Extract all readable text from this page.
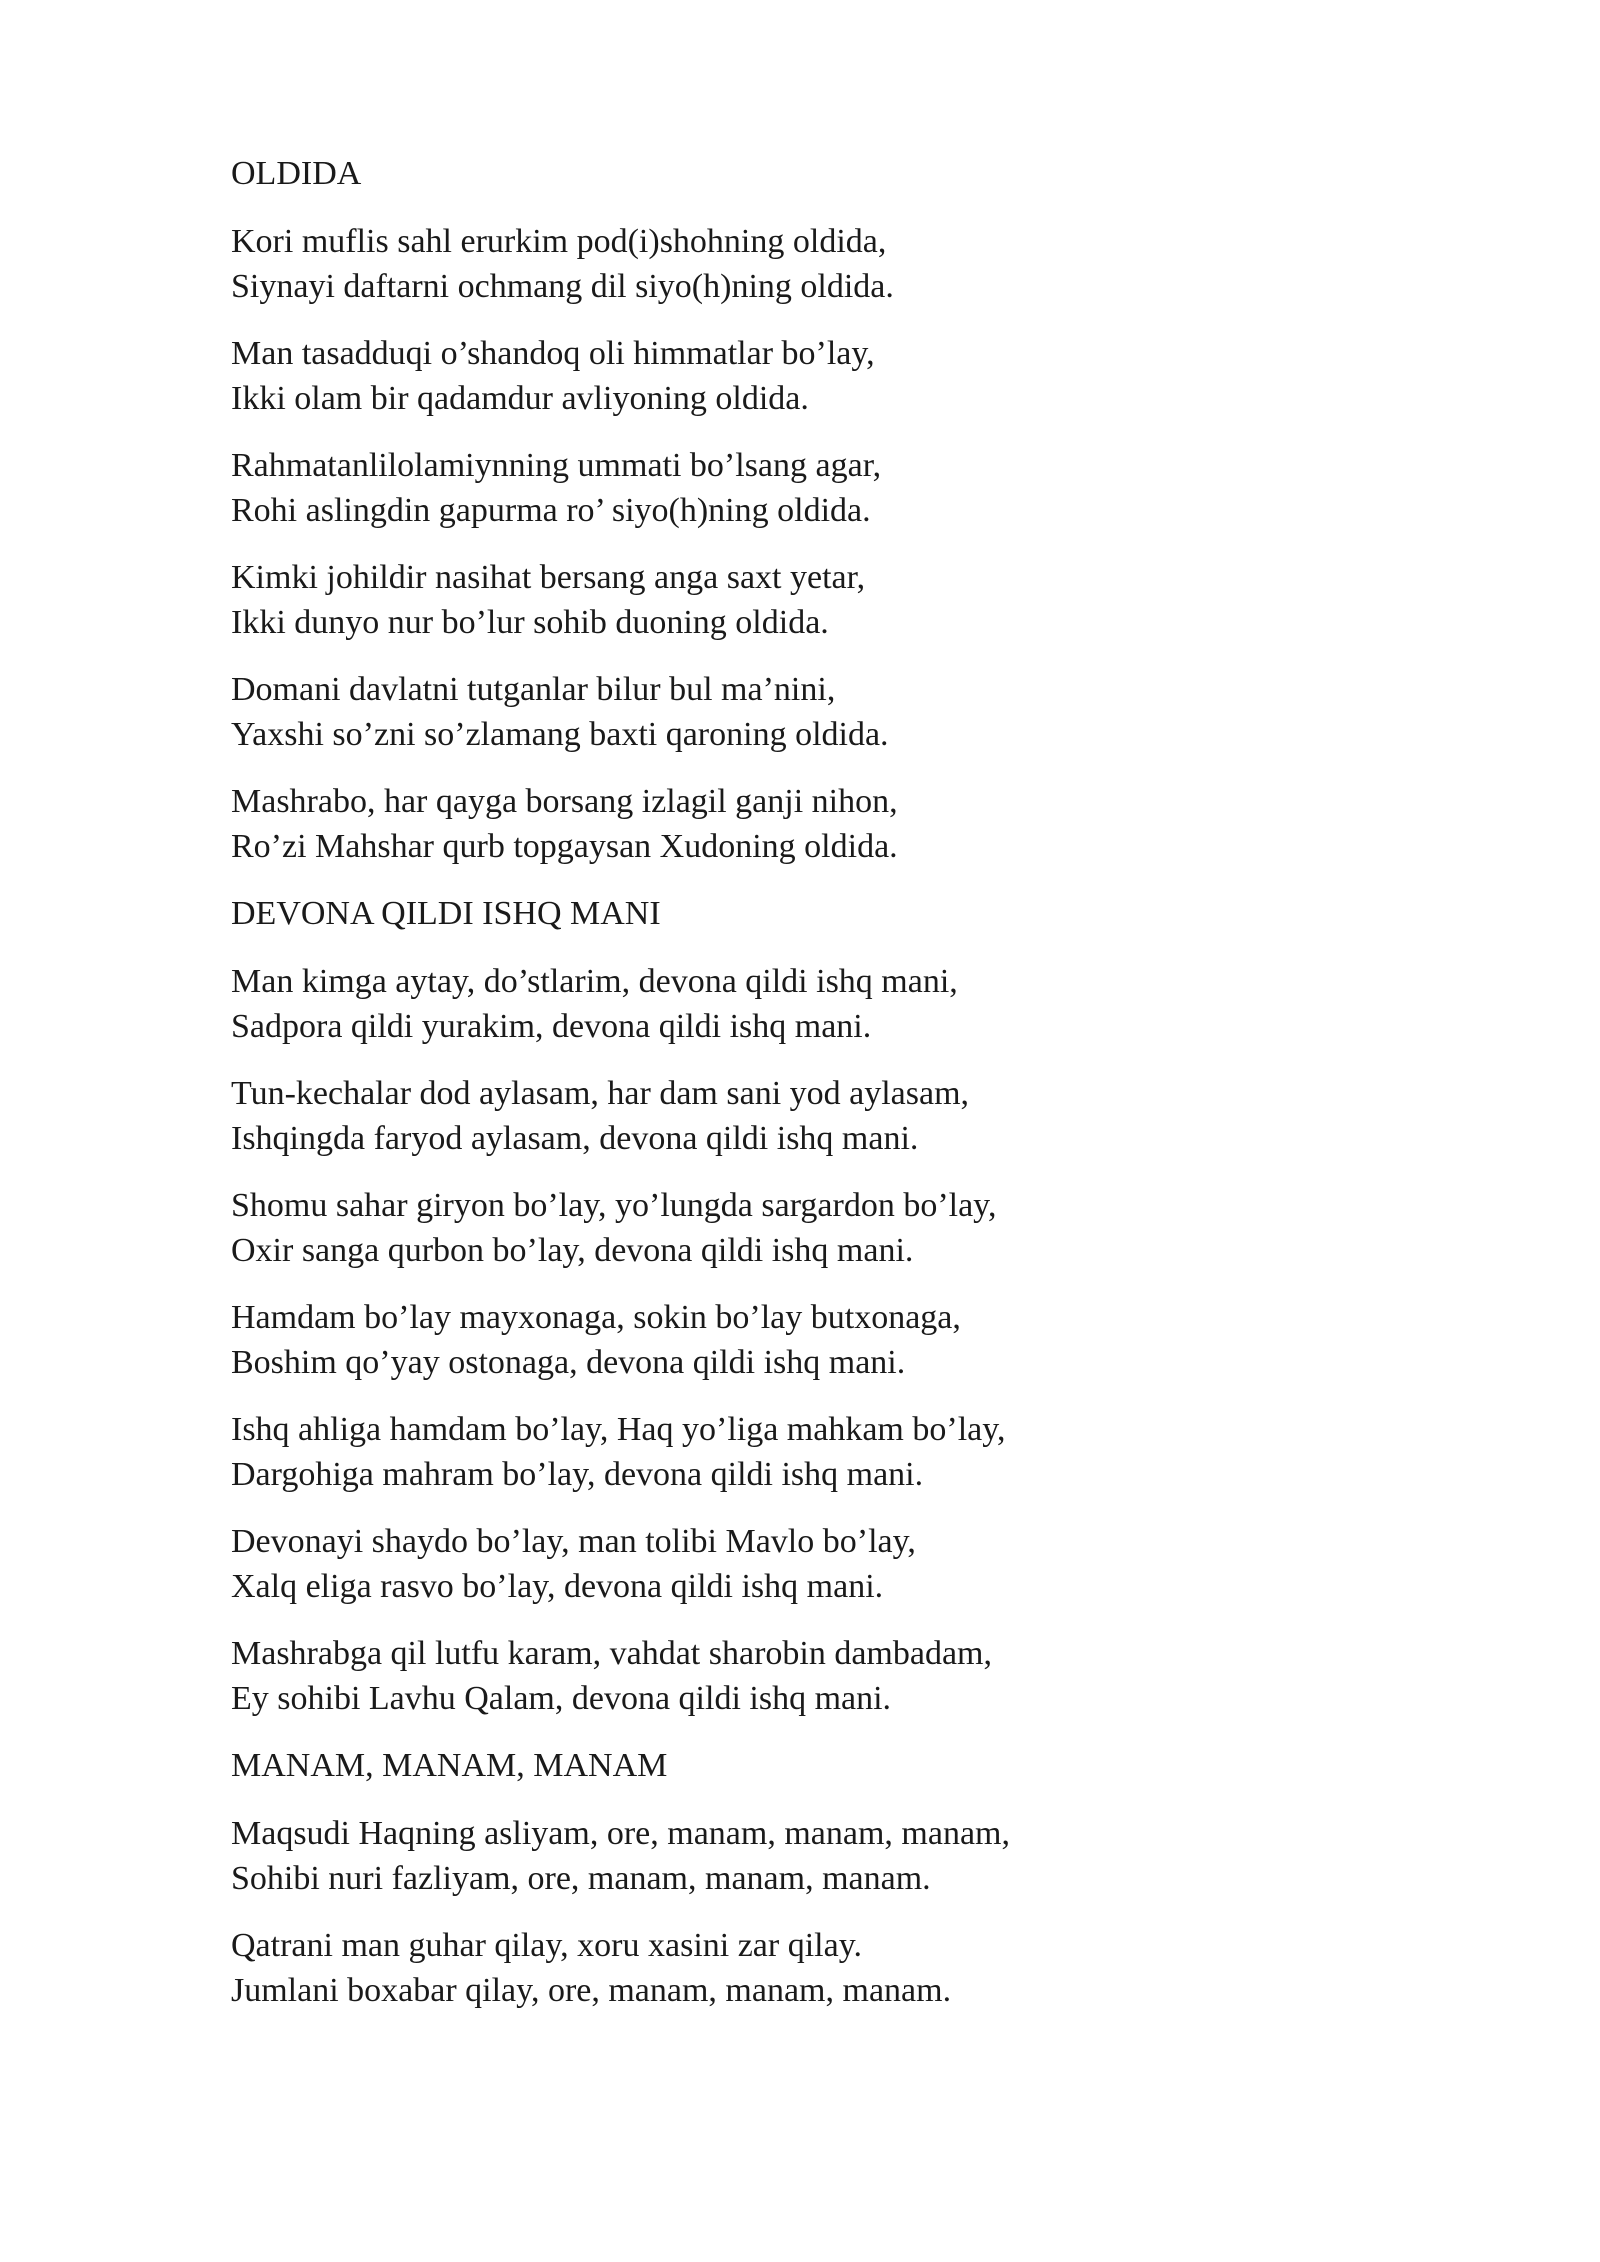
OLDIDA
Kori muflis sahl erurkim pod(i)shohning oldida,
Siynayi daftarni ochmang dil siyo(h)ning oldida.
Man tasadduqi o’shandoq oli himmatlar bo’lay,
Ikki olam bir qadamdur avliyoning oldida.
Rahmatanlilolamiynning ummati bo’lsang agar,
Rohi aslingdin gapurma ro’ siyo(h)ning oldida.
Kimki johildir nasihat bersang anga saxt yetar,
Ikki dunyo nur bo’lur sohib duoning oldida.
Domani davlatni tutganlar bilur bul ma’nini,
Yaxshi so’zni so’zlamang baxti qaroning oldida.
Mashrabo, har qayga borsang izlagil ganji nihon,
Ro’zi Mahshar qurb topgaysan Xudoning oldida.
DEVONA QILDI ISHQ MANI
Man kimga aytay, do’stlarim, devona qildi ishq mani,
Sadpora qildi yurakim, devona qildi ishq mani.
Tun-kechalar dod aylasam, har dam sani yod aylasam,
Ishqingda faryod aylasam, devona qildi ishq mani.
Shomu sahar giryon bo’lay, yo’lungda sargardon bo’lay,
Oxir sanga qurbon bo’lay, devona qildi ishq mani.
Hamdam bo’lay mayxonaga, sokin bo’lay butxonaga,
Boshim qo’yay ostonaga, devona qildi ishq mani.
Ishq ahliga hamdam bo’lay, Haq yo’liga mahkam bo’lay,
Dargohiga mahram bo’lay, devona qildi ishq mani.
Devonayi shaydo bo’lay, man tolibi Mavlo bo’lay,
Xalq eliga rasvo bo’lay, devona qildi ishq mani.
Mashrabga qil lutfu karam, vahdat sharobin dambadam,
Ey sohibi Lavhu Qalam, devona qildi ishq mani.
MANAM, MANAM, MANAM
Maqsudi Haqning asliyam, ore, manam, manam, manam,
Sohibi nuri fazliyam, ore, manam, manam, manam.
Qatrani man guhar qilay, xoru xasini zar qilay.
Jumlani boxabar qilay, ore, manam, manam, manam.
